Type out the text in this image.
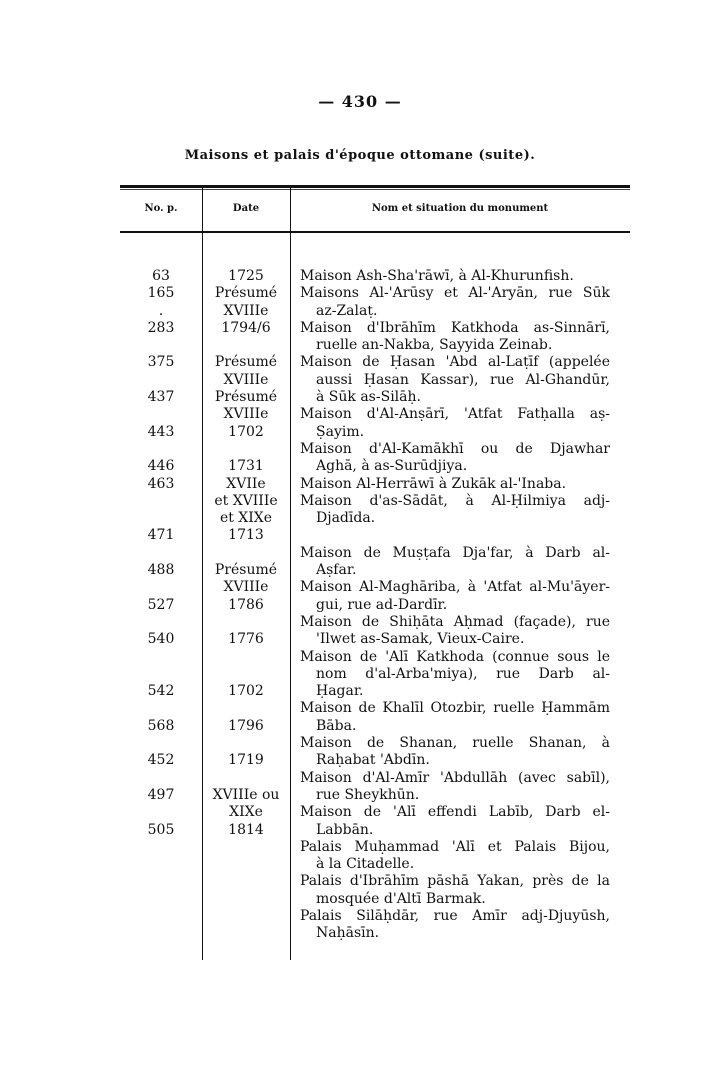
— 430 —
Maisons et palais d'époque ottomane (suite).
No. p.	Date	Nom et situation du monument
63
165
.
283
375
437
443
446
463
471
488
527
540
542
568
452
497
505
1725
Présumé
XVIIIe
1794/6
Présumé
XVIIIe
Présumé
XVIIIe
1702
1731
XVIIe
et XVIIIe
et XIXe
1713
Présumé
XVIIIe
1786
1776
1702
1796
1719
XVIIIe ou
XIXe
1814
Maison Ash-Sha'rāwī, à Al-Khurunfish.
Maisons Al-'Arūsy et Al-'Aryān, rue Sūk
az-Zalaṭ.
Maison d'Ibrāhīm Katkhoda as-Sinnārī,
ruelle an-Nakba, Sayyida Zeinab.
Maison de Ḥasan 'Abd al-Laṭīf (appelée
aussi Ḥasan Kassar), rue Al-Ghandūr,
à Sūk as-Silāḥ.
Maison d'Al-Anṣārī, 'Atfat Fatḥalla aṣ-
Ṣayim.
Maison d'Al-Kamākhī ou de Djawhar
Aghā, à as-Surūdjiya.
Maison Al-Herrāwī à Zukāk al-'Inaba.
Maison d'as-Sādāt, à Al-Ḥilmiya adj-
Djadīda.
Maison de Muṣṭafa Dja'far, à Darb al-
Aṣfar.
Maison Al-Maghāriba, à 'Atfat al-Mu'āyer-
gui, rue ad-Dardīr.
Maison de Shiḥāta Aḥmad (façade), rue
'Ilwet as-Samak, Vieux-Caire.
Maison de 'Alī Katkhoda (connue sous le
nom d'al-Arba'miya), rue Darb al-
Ḥagar.
Maison de Khalīl Otozbir, ruelle Ḥammām
Bāba.
Maison de Shanan, ruelle Shanan, à
Raḥabat 'Abdīn.
Maison d'Al-Amīr 'Abdullāh (avec sabīl),
rue Sheykhūn.
Maison de 'Alī effendi Labīb, Darb el-
Labbān.
Palais Muḥammad 'Alī et Palais Bijou,
à la Citadelle.
Palais d'Ibrāhīm pāshā Yakan, près de la
mosquée d'Altī Barmak.
Palais Silāḥdār, rue Amīr adj-Djuyūsh,
Naḥāsīn.
